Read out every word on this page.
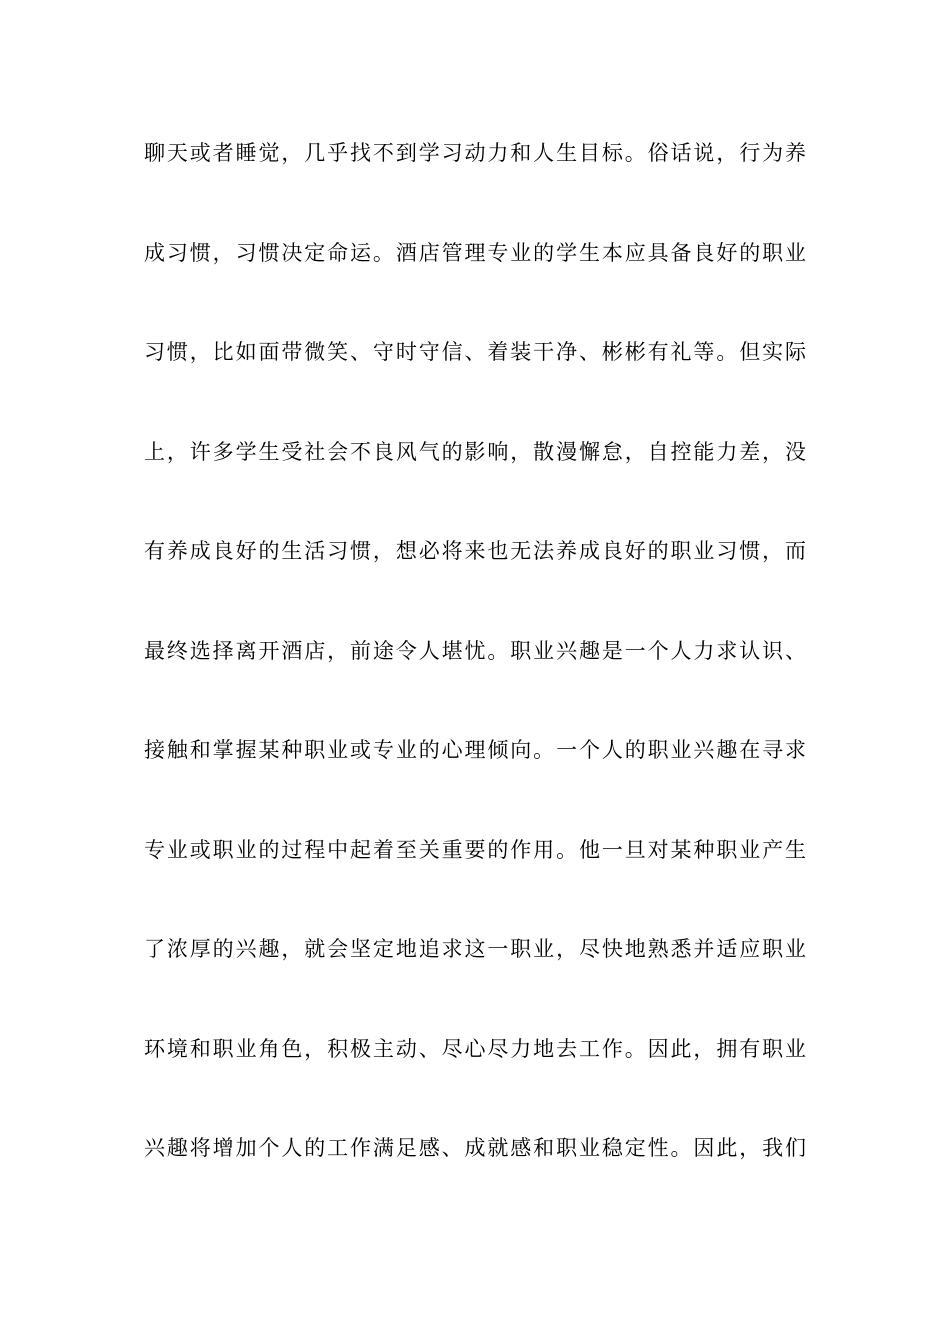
聊天或者睡觉，几乎找不到学习动力和人生目标。俗话说，行为养
成习惯，习惯决定命运。酒店管理专业的学生本应具备良好的职业
习惯，比如面带微笑、守时守信、着装干净、彬彬有礼等。但实际
上，许多学生受社会不良风气的影响，散漫懈怠，自控能力差，没
有养成良好的生活习惯，想必将来也无法养成良好的职业习惯，而
最终选择离开酒店，前途令人堪忧。职业兴趣是一个人力求认识、
接触和掌握某种职业或专业的心理倾向。一个人的职业兴趣在寻求
专业或职业的过程中起着至关重要的作用。他一旦对某种职业产生
了浓厚的兴趣，就会坚定地追求这一职业，尽快地熟悉并适应职业
环境和职业角色，积极主动、尽心尽力地去工作。因此，拥有职业
兴趣将增加个人的工作满足感、成就感和职业稳定性。因此，我们
